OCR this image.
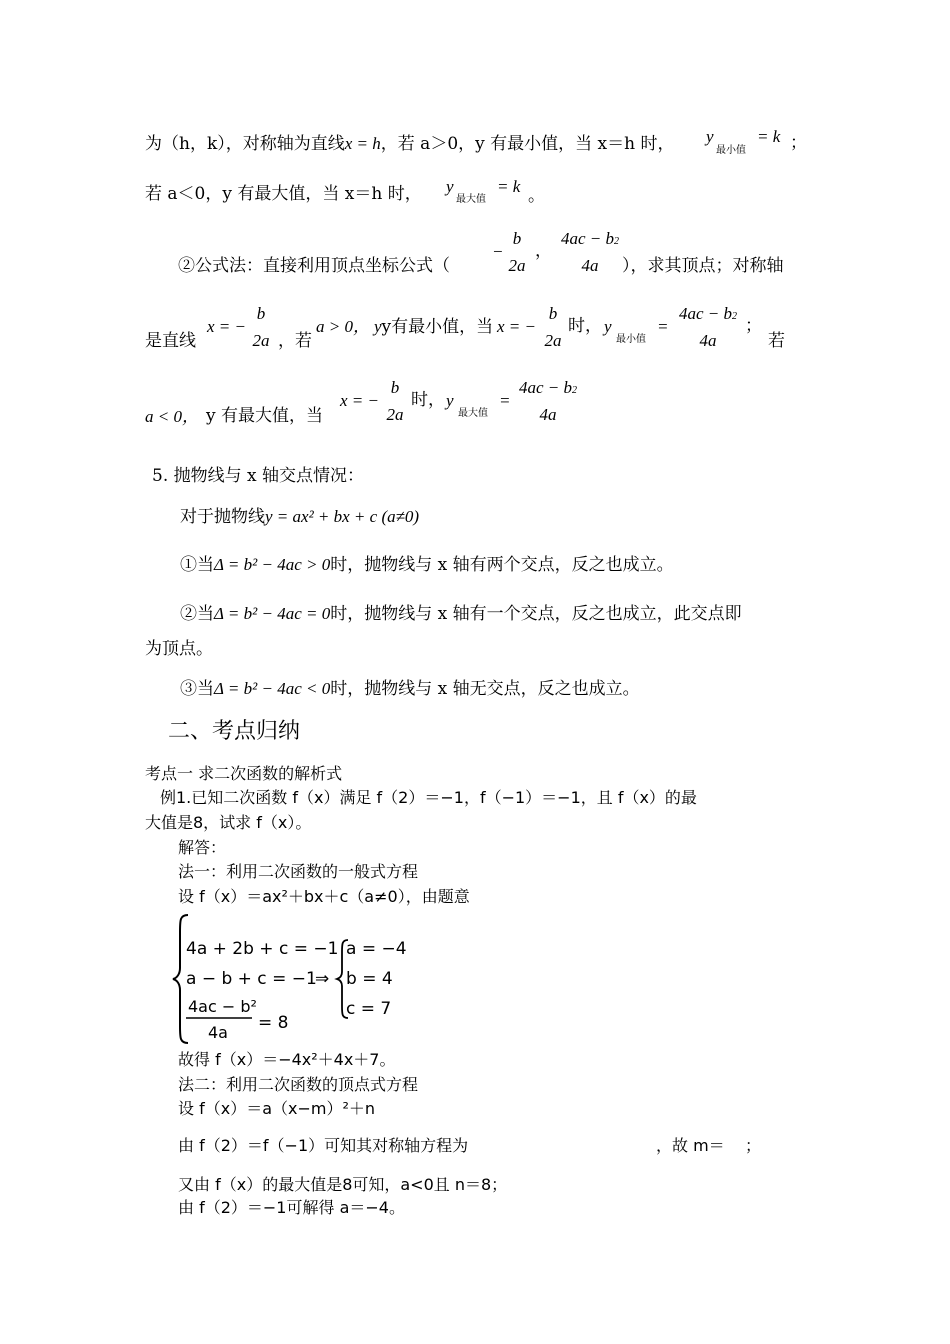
为（h，k），对称轴为直线x = h，若 a＞0，y 有最小值，当 x＝h 时， y
最小值
= k ；
若 a＜0，y 有最大值，当 x＝h 时， y
最大值
= k 。
②公式法：直接利用顶点坐标公式（
−
b
2a
，
4ac − b2
4a	），求其顶点；对称轴
是直线
x = −
b
2a ，若
a > 0， yy有最小值，当 x = −
b
2a
时， y
最小值
=
4ac − b2
4a
；
若
a < 0， y 有最大值，当
x = −
b
2a
时， y
最大值
=
4ac − b2
4a
5. 抛物线与 x 轴交点情况：
对于抛物线y = ax² + bx + c (a≠0)
①当Δ = b² − 4ac > 0时，抛物线与 x 轴有两个交点，反之也成立。
②当Δ = b² − 4ac = 0时，抛物线与 x 轴有一个交点，反之也成立，此交点即
为顶点。
③当Δ = b² − 4ac < 0时，抛物线与 x 轴无交点，反之也成立。
二、考点归纳
考点一 求二次函数的解析式
例1.已知二次函数 f（x）满足 f（2）＝−1，f（−1）＝−1，且 f（x）的最
大值是8，试求 f（x）。
解答：
法一：利用二次函数的一般式方程
设 f（x）＝ax²＋bx＋c（a≠0），由题意
4a + 2b + c = −1
a − b + c = −1
4ac − b²
4a = 8
⇒
a = −4
b = 4
c = 7
故得 f（x）＝−4x²＋4x＋7。
法二：利用二次函数的顶点式方程
设 f（x）＝a（x−m）²＋n
由 f（2）＝f（−1）可知其对称轴方程为	，故 m＝ ；
又由 f（x）的最大值是8可知，a<0且 n＝8；
由 f（2）＝−1可解得 a＝−4。
